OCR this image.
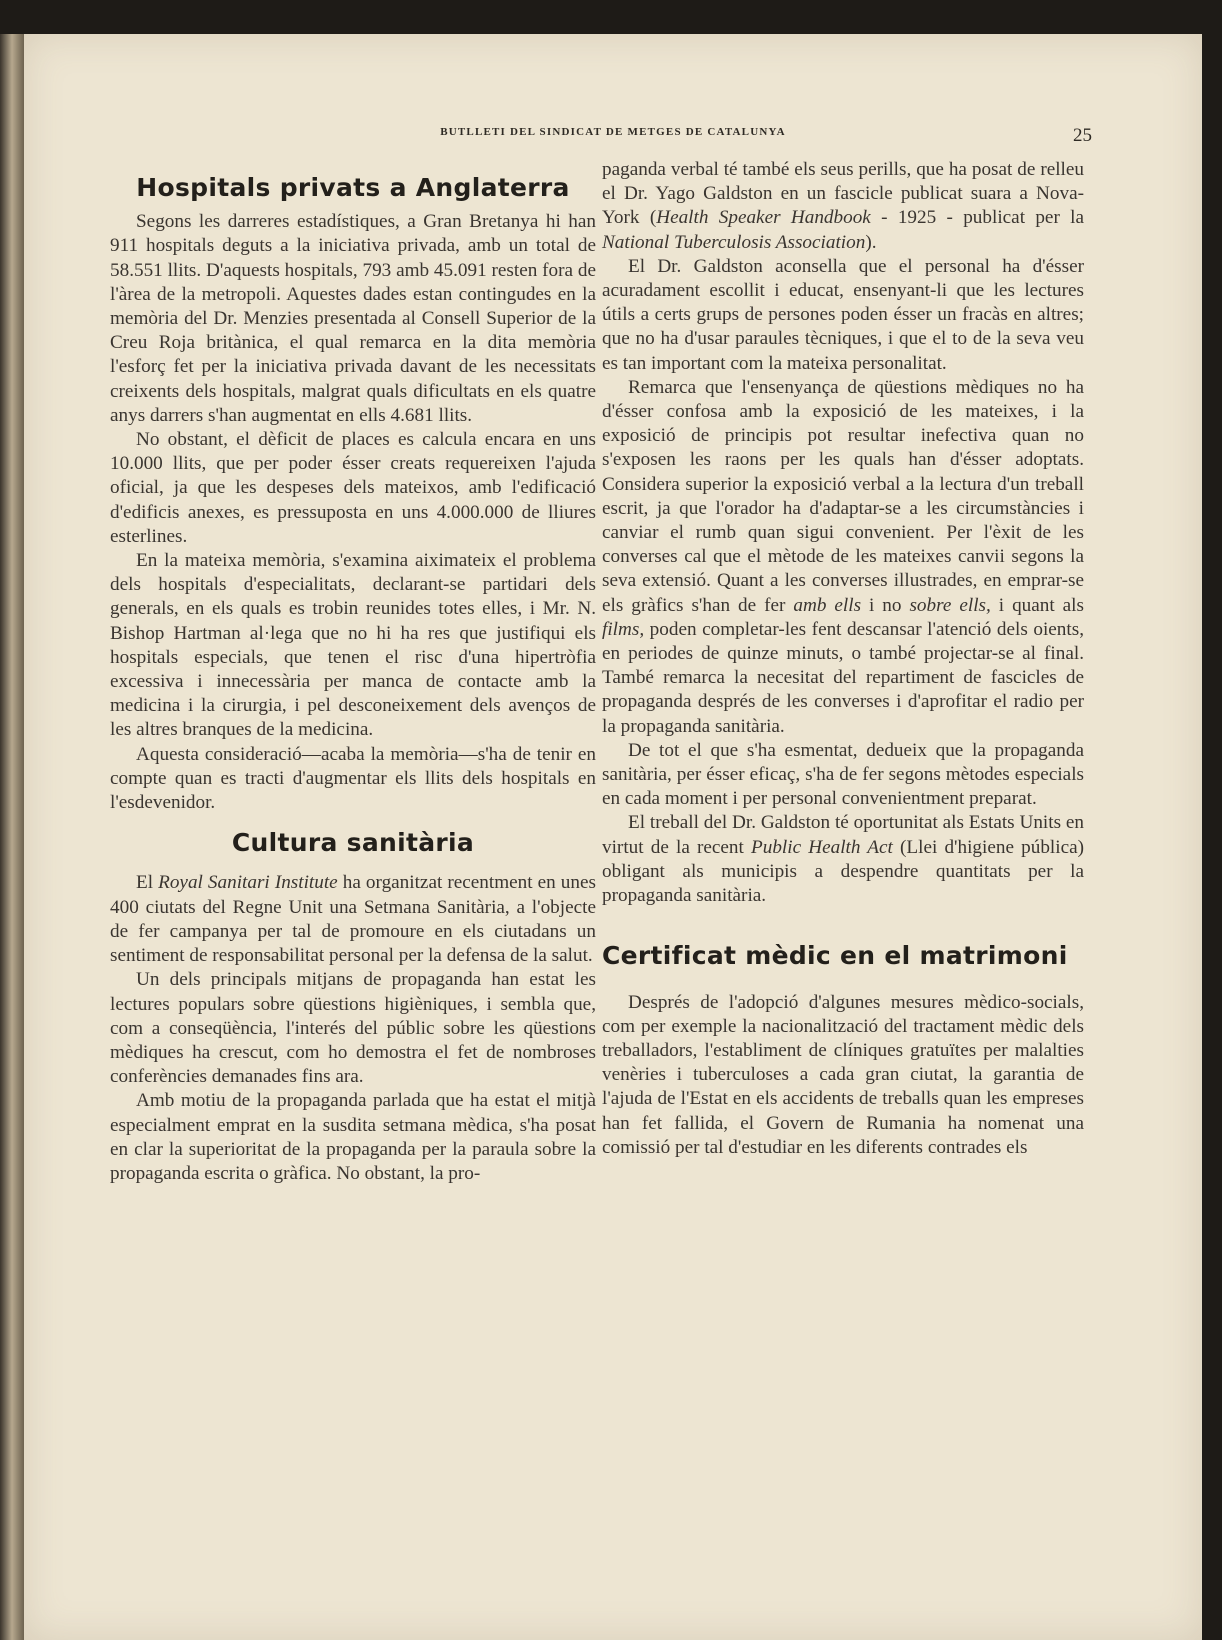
BUTLLETI DEL SINDICAT DE METGES DE CATALUNYA	25
Hospitals privats a Anglaterra

Segons les darreres estadístiques, a Gran Bretanya hi han 911 hospitals deguts a la iniciativa privada, amb un total de 58.551 llits. D'aquests hospitals, 793 amb 45.091 resten fora de l'àrea de la metropoli. Aquestes dades estan contingudes en la memòria del Dr. Menzies presentada al Consell Superior de la Creu Roja britànica, el qual remarca en la dita memòria l'esforç fet per la iniciativa privada davant de les necessitats creixents dels hospitals, malgrat quals dificultats en els quatre anys darrers s'han augmentat en ells 4.681 llits.

No obstant, el dèficit de places es calcula encara en uns 10.000 llits, que per poder ésser creats requereixen l'ajuda oficial, ja que les despeses dels mateixos, amb l'edificació d'edificis anexes, es pressuposta en uns 4.000.000 de lliures esterlines.

En la mateixa memòria, s'examina aiximateix el problema dels hospitals d'especialitats, declarant-se partidari dels generals, en els quals es trobin reunides totes elles, i Mr. N. Bishop Hartman al·lega que no hi ha res que justifiqui els hospitals especials, que tenen el risc d'una hipertròfia excessiva i innecessària per manca de contacte amb la medicina i la cirurgia, i pel desconeixement dels avenços de les altres branques de la medicina.

Aquesta consideració—acaba la memòria—s'ha de tenir en compte quan es tracti d'augmentar els llits dels hospitals en l'esdevenidor.

Cultura sanitària

El Royal Sanitari Institute ha organitzat recentment en unes 400 ciutats del Regne Unit una Setmana Sanitària, a l'objecte de fer campanya per tal de promoure en els ciutadans un sentiment de responsabilitat personal per la defensa de la salut.

Un dels principals mitjans de propaganda han estat les lectures populars sobre qüestions higièniques, i sembla que, com a conseqüència, l'interés del públic sobre les qüestions mèdiques ha crescut, com ho demostra el fet de nombroses conferències demanades fins ara.

Amb motiu de la propaganda parlada que ha estat el mitjà especialment emprat en la susdita setmana mèdica, s'ha posat en clar la superioritat de la propaganda per la paraula sobre la propaganda escrita o gràfica. No obstant, la pro-

paganda verbal té també els seus perills, que ha posat de relleu el Dr. Yago Galdston en un fascicle publicat suara a Nova-York (Health Speaker Handbook - 1925 - publicat per la National Tuberculosis Association).

El Dr. Galdston aconsella que el personal ha d'ésser acuradament escollit i educat, ensenyant-li que les lectures útils a certs grups de persones poden ésser un fracàs en altres; que no ha d'usar paraules tècniques, i que el to de la seva veu es tan important com la mateixa personalitat.

Remarca que l'ensenyança de qüestions mèdiques no ha d'ésser confosa amb la exposició de les mateixes, i la exposició de principis pot resultar inefectiva quan no s'exposen les raons per les quals han d'ésser adoptats. Considera superior la exposició verbal a la lectura d'un treball escrit, ja que l'orador ha d'adaptar-se a les circumstàncies i canviar el rumb quan sigui convenient. Per l'èxit de les converses cal que el mètode de les mateixes canvii segons la seva extensió. Quant a les converses illustrades, en emprar-se els gràfics s'han de fer amb ells i no sobre ells, i quant als films, poden completar-les fent descansar l'atenció dels oients, en periodes de quinze minuts, o també projectar-se al final. També remarca la necesitat del repartiment de fascicles de propaganda després de les converses i d'aprofitar el radio per la propaganda sanitària.

De tot el que s'ha esmentat, dedueix que la propaganda sanitària, per ésser eficaç, s'ha de fer segons mètodes especials en cada moment i per personal convenientment preparat.

El treball del Dr. Galdston té oportunitat als Estats Units en virtut de la recent Public Health Act (Llei d'higiene pública) obligant als municipis a despendre quantitats per la propaganda sanitària.

Certificat mèdic en el matrimoni

Després de l'adopció d'algunes mesures mèdico-socials, com per exemple la nacionalització del tractament mèdic dels treballadors, l'establiment de clíniques gratuïtes per malalties venèries i tuberculoses a cada gran ciutat, la garantia de l'ajuda de l'Estat en els accidents de treballs quan les empreses han fet fallida, el Govern de Rumania ha nomenat una comissió per tal d'estudiar en les diferents contrades els
